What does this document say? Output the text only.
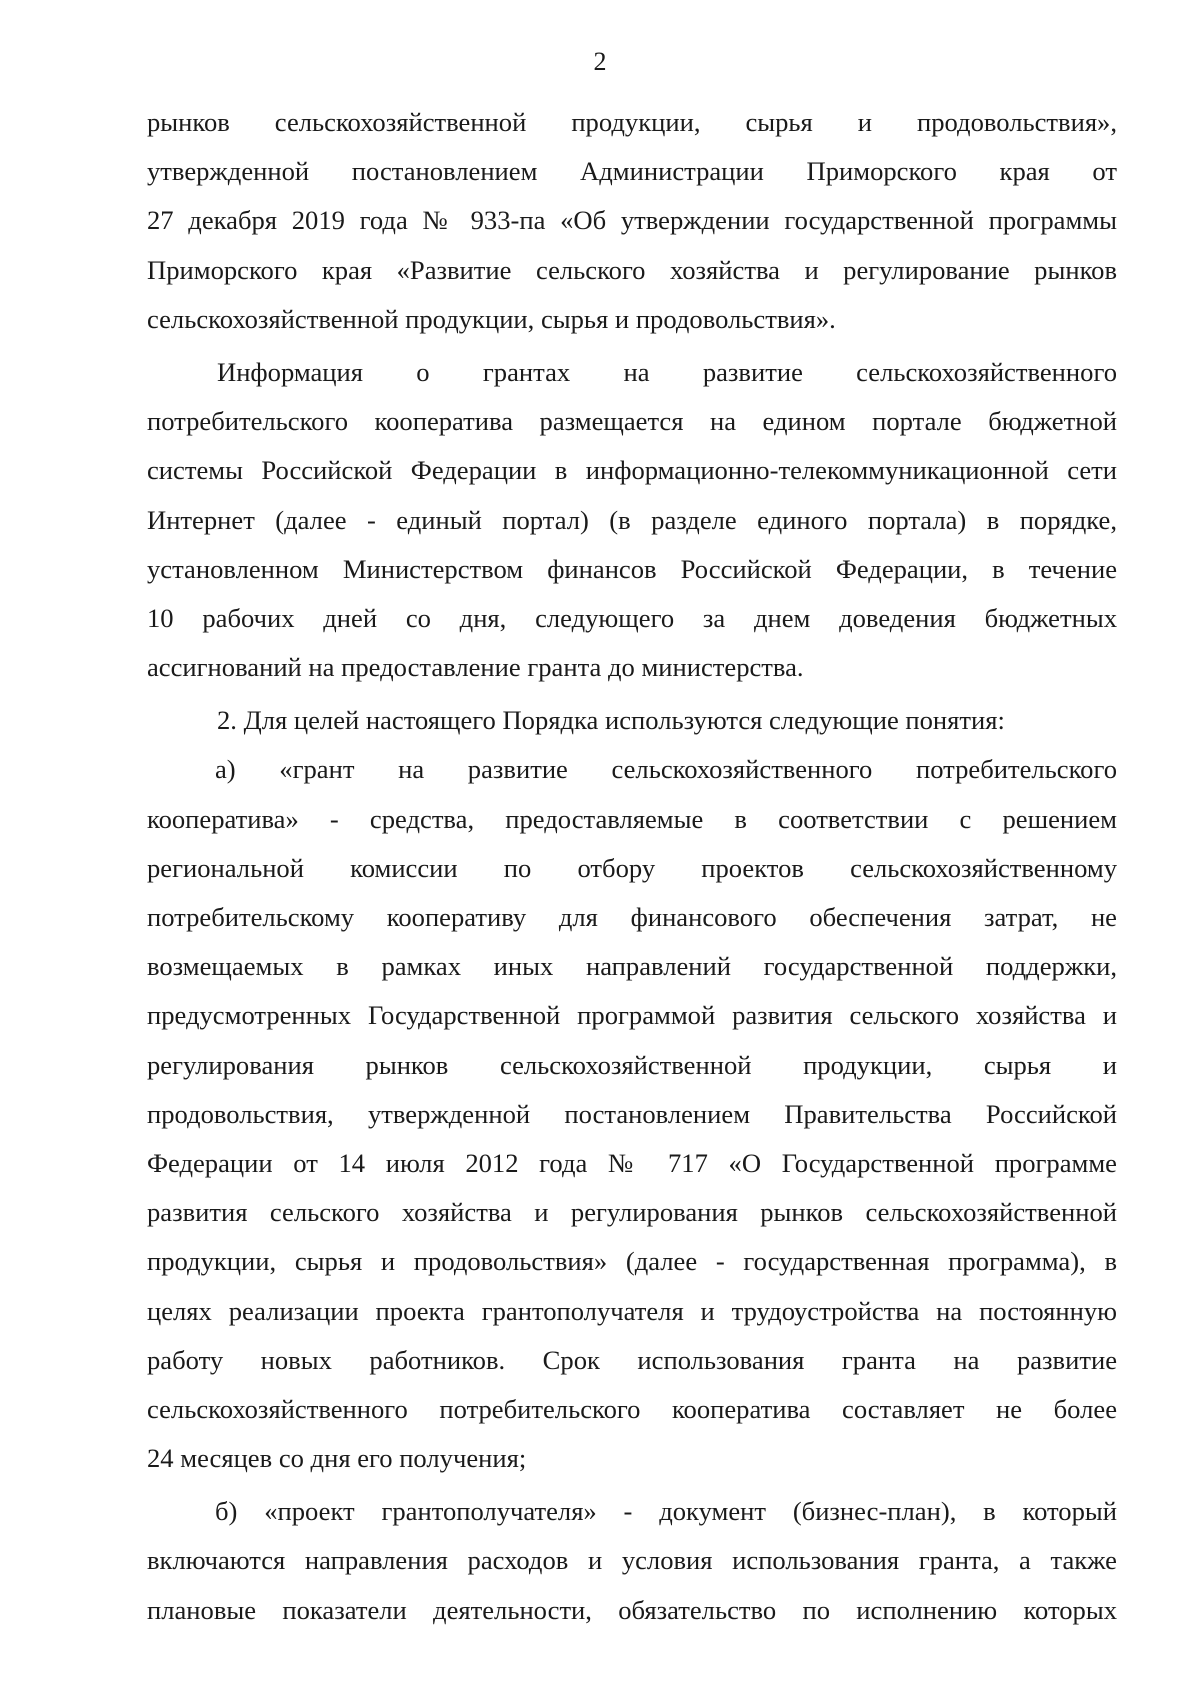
2
рынков сельскохозяйственной продукции, сырья и продовольствия»,
утвержденной постановлением Администрации Приморского края от
27 декабря 2019 года № 933-па «Об утверждении государственной программы
Приморского края «Развитие сельского хозяйства и регулирование рынков
сельскохозяйственной продукции, сырья и продовольствия».
Информация о грантах на развитие сельскохозяйственного
потребительского кооператива размещается на едином портале бюджетной
системы Российской Федерации в информационно-телекоммуникационной сети
Интернет (далее - единый портал) (в разделе единого портала) в порядке,
установленном Министерством финансов Российской Федерации, в течение
10 рабочих дней со дня, следующего за днем доведения бюджетных
ассигнований на предоставление гранта до министерства.
2. Для целей настоящего Порядка используются следующие понятия:
а) «грант на развитие сельскохозяйственного потребительского
кооператива» - средства, предоставляемые в соответствии с решением
региональной комиссии по отбору проектов сельскохозяйственному
потребительскому кооперативу для финансового обеспечения затрат, не
возмещаемых в рамках иных направлений государственной поддержки,
предусмотренных Государственной программой развития сельского хозяйства и
регулирования рынков сельскохозяйственной продукции, сырья и
продовольствия, утвержденной постановлением Правительства Российской
Федерации от 14 июля 2012 года № 717 «О Государственной программе
развития сельского хозяйства и регулирования рынков сельскохозяйственной
продукции, сырья и продовольствия» (далее - государственная программа), в
целях реализации проекта грантополучателя и трудоустройства на постоянную
работу новых работников. Срок использования гранта на развитие
сельскохозяйственного потребительского кооператива составляет не более
24 месяцев со дня его получения;
б) «проект грантополучателя» - документ (бизнес-план), в который
включаются направления расходов и условия использования гранта, а также
плановые показатели деятельности, обязательство по исполнению которых
